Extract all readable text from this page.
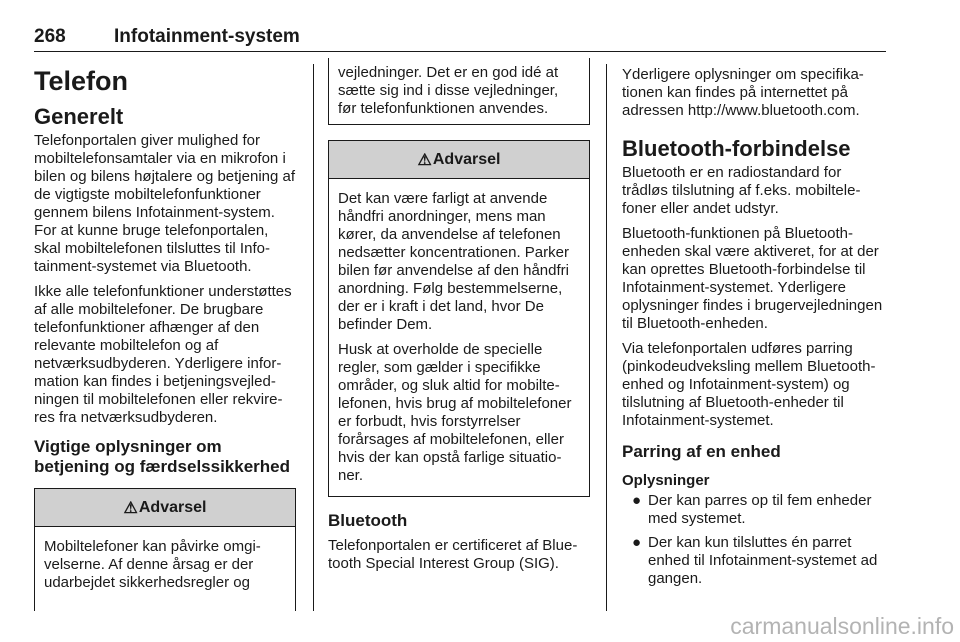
268	Infotainment-system
Telefon
Generelt

Telefonportalen giver mulighed for mobiltelefonsamtaler via en mikrofon i bilen og bilens højtalere og betjening af de vigtigste mobiltelefonfunktioner gennem bilens Infotainment-system. For at kunne bruge telefonportalen, skal mobiltelefonen tilsluttes til Infotainment-systemet via Bluetooth.

Ikke alle telefonfunktioner understøttes af alle mobiltelefoner. De brugbare telefonfunktioner afhænger af den relevante mobiltelefon og af netværksudbyderen. Yderligere information kan findes i betjeningsvejledningen til mobiltelefonen eller rekvireres fra netværksudbyderen.

Vigtige oplysninger om betjening og færdselssikkerhed
⚠ Advarsel

Mobiltelefoner kan påvirke omgivelserne. Af denne årsag er der udarbejdet sikkerhedsregler og

vejledninger. Det er en god idé at sætte sig ind i disse vejledninger, før telefonfunktionen anvendes.

⚠ Advarsel

Det kan være farligt at anvende håndfri anordninger, mens man kører, da anvendelse af telefonen nedsætter koncentrationen. Parker bilen før anvendelse af den håndfri anordning. Følg bestemmelserne, der er i kraft i det land, hvor De befinder Dem.

Husk at overholde de specielle regler, som gælder i specifikke områder, og sluk altid for mobiltelefonen, hvis brug af mobiltelefoner er forbudt, hvis forstyrrelser forårsages af mobiltelefonen, eller hvis der kan opstå farlige situationer.

Bluetooth

Telefonportalen er certificeret af Bluetooth Special Interest Group (SIG).

Yderligere oplysninger om specifikationen kan findes på internettet på adressen http://www.bluetooth.com.

Bluetooth-forbindelse

Bluetooth er en radiostandard for trådløs tilslutning af f.eks. mobiltelefoner eller andet udstyr.

Bluetooth-funktionen på Bluetooth-enheden skal være aktiveret, for at der kan oprettes Bluetooth-forbindelse til Infotainment-systemet. Yderligere oplysninger findes i brugervejledningen til Bluetooth-enheden.

Via telefonportalen udføres parring (pinkodeudveksling mellem Bluetooth-enhed og Infotainment-system) og tilslutning af Bluetooth-enheder til Infotainment-systemet.

Parring af en enhed
Oplysninger
● Der kan parres op til fem enheder med systemet.
● Der kan kun tilsluttes én parret enhed til Infotainment-systemet ad gangen.
carmanualsonline.info
